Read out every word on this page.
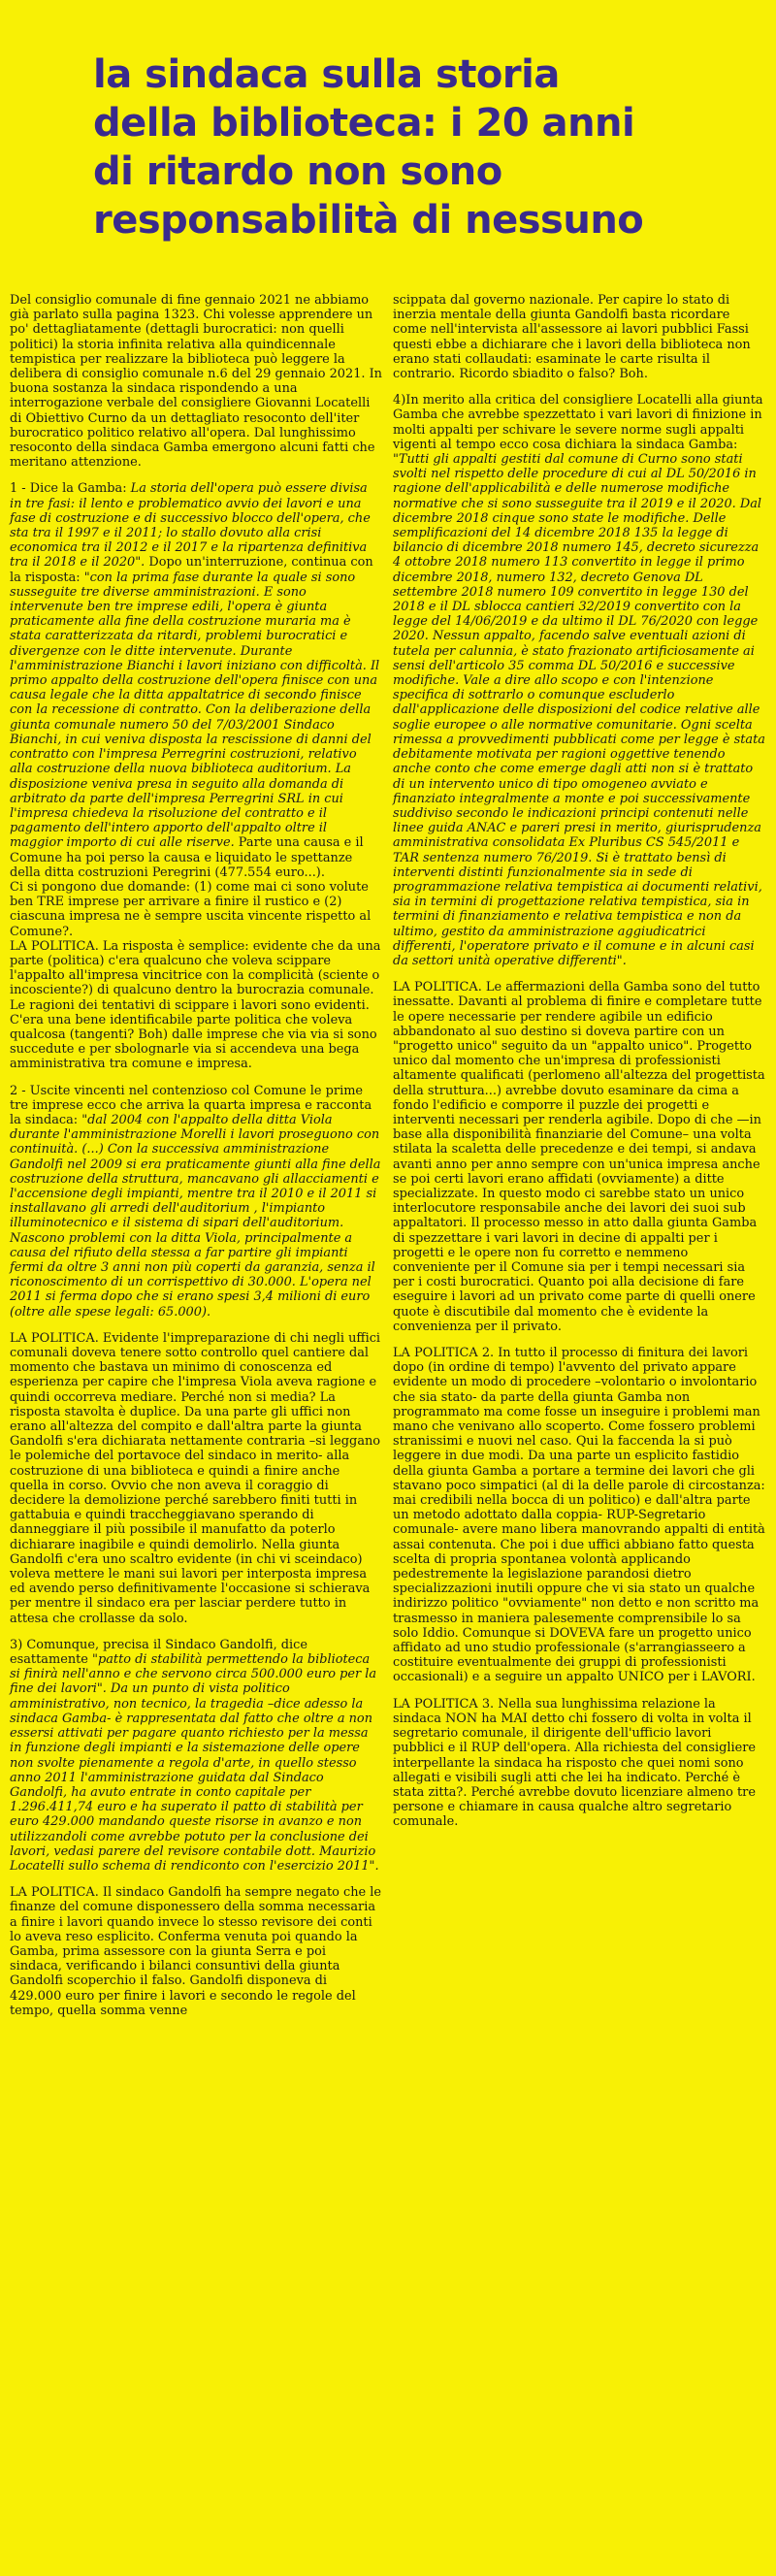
la sindaca sulla storia
della biblioteca: i 20 anni
di ritardo non sono
responsabilità di nessuno

Del consiglio comunale di fine gennaio 2021 ne abbiamo già parlato sulla pagina 1323. Chi volesse apprendere un po' dettagliatamente (dettagli burocratici: non quelli politici) la storia infinita relativa alla quindicennale tempistica per realizzare la biblioteca può leggere la delibera di consiglio comunale n.6 del 29 gennaio 2021. In buona sostanza la sindaca rispondendo a una interrogazione verbale del consigliere Giovanni Locatelli di Obiettivo Curno da un dettagliato resoconto dell'iter burocratico politico relativo all'opera. Dal lunghissimo resoconto della sindaca Gamba emergono alcuni fatti che meritano attenzione.

1 - Dice la Gamba: La storia dell'opera può essere divisa in tre fasi: il lento e problematico avvio dei lavori e una fase di costruzione e di successivo blocco dell'opera, che sta tra il 1997 e il 2011; lo stallo dovuto alla crisi economica tra il 2012 e il 2017 e la ripartenza definitiva tra il 2018 e il 2020". Dopo un'interruzione, continua con la risposta: "con la prima fase durante la quale si sono susseguite tre diverse amministrazioni. E sono intervenute ben tre imprese edili, l'opera è giunta praticamente alla fine della costruzione muraria ma è stata caratterizzata da ritardi, problemi burocratici e divergenze con le ditte intervenute. Durante l'amministrazione Bianchi i lavori iniziano con difficoltà. Il primo appalto della costruzione dell'opera finisce con una causa legale che la ditta appaltatrice di secondo finisce con la recessione di contratto. Con la deliberazione della giunta comunale numero 50 del 7/03/2001 Sindaco Bianchi, in cui veniva disposta la rescissione di danni del contratto con l'impresa Perregrini costruzioni, relativo alla costruzione della nuova biblioteca auditorium. La disposizione veniva presa in seguito alla domanda di arbitrato da parte dell'impresa Perregrini SRL in cui l'impresa chiedeva la risoluzione del contratto e il pagamento dell'intero apporto dell'appalto oltre il maggior importo di cui alle riserve. Parte una causa e il Comune ha poi perso la causa e liquidato le spettanze della ditta costruzioni Peregrini (477.554 euro...).

Ci si pongono due domande: (1) come mai ci sono volute ben TRE imprese per arrivare a finire il rustico e (2) ciascuna impresa ne è sempre uscita vincente rispetto al Comune?.

LA POLITICA. La risposta è semplice: evidente che da una parte (politica) c'era qualcuno che voleva scippare l'appalto all'impresa vincitrice con la complicità (sciente o incosciente?) di qualcuno dentro la burocrazia comunale. Le ragioni dei tentativi di scippare i lavori sono evidenti. C'era una bene identificabile parte politica che voleva qualcosa (tangenti? Boh) dalle imprese che via via si sono succedute e per sbolognarle via si accendeva una bega amministrativa tra comune e impresa.

2 - Uscite vincenti nel contenzioso col Comune le prime tre imprese ecco che arriva la quarta impresa e racconta la sindaca: "dal 2004 con l'appalto della ditta Viola durante l'amministrazione Morelli i lavori proseguono con continuità. (...) Con la successiva amministrazione Gandolfi nel 2009 si era praticamente giunti alla fine della costruzione della struttura, mancavano gli allacciamenti e l'accensione degli impianti, mentre tra il 2010 e il 2011 si installavano gli arredi dell'auditorium , l'impianto illuminotecnico e il sistema di sipari dell'auditorium. Nascono problemi con la ditta Viola, principalmente a causa del rifiuto della stessa a far partire gli impianti fermi da oltre 3 anni non più coperti da garanzia, senza il riconoscimento di un corrispettivo di 30.000. L'opera nel 2011 si ferma dopo che si erano spesi 3,4 milioni di euro (oltre alle spese legali: 65.000).

LA POLITICA. Evidente l'impreparazione di chi negli uffici comunali doveva tenere sotto controllo quel cantiere dal momento che bastava un minimo di conoscenza ed esperienza per capire che l'impresa Viola aveva ragione e quindi occorreva mediare. Perché non si media? La risposta stavolta è duplice. Da una parte gli uffici non erano all'altezza del compito e dall'altra parte la giunta Gandolfi s'era dichiarata nettamente contraria –si leggano le polemiche del portavoce del sindaco in merito- alla costruzione di una biblioteca e quindi a finire anche quella in corso. Ovvio che non aveva il coraggio di decidere la demolizione perché sarebbero finiti tutti in gattabuia e quindi traccheggiavano sperando di danneggiare il più possibile il manufatto da poterlo dichiarare inagibile e quindi demolirlo. Nella giunta Gandolfi c'era uno scaltro evidente (in chi vi sceindaco) voleva mettere le mani sui lavori per interposta impresa ed avendo perso definitivamente l'occasione si schierava per mentre il sindaco era per lasciar perdere tutto in attesa che crollasse da solo.

3) Comunque, precisa il Sindaco Gandolfi, dice esattamente "patto di stabilità permettendo la biblioteca si finirà nell'anno e che servono circa 500.000 euro per la fine dei lavori". Da un punto di vista politico amministrativo, non tecnico, la tragedia –dice adesso la sindaca Gamba- è rappresentata dal fatto che oltre a non essersi attivati per pagare quanto richiesto per la messa in funzione degli impianti e la sistemazione delle opere non svolte pienamente a regola d'arte, in quello stesso anno 2011 l'amministrazione guidata dal Sindaco Gandolfi, ha avuto entrate in conto capitale per 1.296.411,74 euro e ha superato il patto di stabilità per euro 429.000 mandando queste risorse in avanzo e non utilizzandoli come avrebbe potuto per la conclusione dei lavori, vedasi parere del revisore contabile dott. Maurizio Locatelli sullo schema di rendiconto con l'esercizio 2011".

LA POLITICA. Il sindaco Gandolfi ha sempre negato che le finanze del comune disponessero della somma necessaria a finire i lavori quando invece lo stesso revisore dei conti lo aveva reso esplicito. Conferma venuta poi quando la Gamba, prima assessore con la giunta Serra e poi sindaca, verificando i bilanci consuntivi della giunta Gandolfi scoperchio il falso. Gandolfi disponeva di 429.000 euro per finire i lavori e secondo le regole del tempo, quella somma venne

scippata dal governo nazionale. Per capire lo stato di inerzia mentale della giunta Gandolfi basta ricordare come nell'intervista all'assessore ai lavori pubblici Fassi questi ebbe a dichiarare che i lavori della biblioteca non erano stati collaudati: esaminate le carte risulta il contrario. Ricordo sbiadito o falso? Boh.

4)In merito alla critica del consigliere Locatelli alla giunta Gamba che avrebbe spezzettato i vari lavori di finizione in molti appalti per schivare le severe norme sugli appalti vigenti al tempo ecco cosa dichiara la sindaca Gamba: "Tutti gli appalti gestiti dal comune di Curno sono stati svolti nel rispetto delle procedure di cui al DL 50/2016 in ragione dell'applicabilità e delle numerose modifiche normative che si sono susseguite tra il 2019 e il 2020. Dal dicembre 2018 cinque sono state le modifiche. Delle semplificazioni del 14 dicembre 2018 135 la legge di bilancio di dicembre 2018 numero 145, decreto sicurezza 4 ottobre 2018 numero 113 convertito in legge il primo dicembre 2018, numero 132, decreto Genova DL settembre 2018 numero 109 convertito in legge 130 del 2018 e il DL sblocca cantieri 32/2019 convertito con la legge del 14/06/2019 e da ultimo il DL 76/2020 con legge 2020. Nessun appalto, facendo salve eventuali azioni di tutela per calunnia, è stato frazionato artificiosamente ai sensi dell'articolo 35 comma DL 50/2016 e successive modifiche. Vale a dire allo scopo e con l'intenzione specifica di sottrarlo o comunque escluderlo dall'applicazione delle disposizioni del codice relative alle soglie europee o alle normative comunitarie. Ogni scelta rimessa a provvedimenti pubblicati come per legge è stata debitamente motivata per ragioni oggettive tenendo anche conto che come emerge dagli atti non si è trattato di un intervento unico di tipo omogeneo avviato e finanziato integralmente a monte e poi successivamente suddiviso secondo le indicazioni principi contenuti nelle linee guida ANAC e pareri presi in merito, giurisprudenza amministrativa consolidata Ex Pluribus CS 545/2011 e TAR sentenza numero 76/2019. Si è trattato bensì di interventi distinti funzionalmente sia in sede di programmazione relativa tempistica ai documenti relativi, sia in termini di progettazione relativa tempistica, sia in termini di finanziamento e relativa tempistica e non da ultimo, gestito da amministrazione aggiudicatrici differenti, l'operatore privato e il comune e in alcuni casi da settori unità operative differenti".

LA POLITICA. Le affermazioni della Gamba sono del tutto inessatte. Davanti al problema di finire e completare tutte le opere necessarie per rendere agibile un edificio abbandonato al suo destino si doveva partire con un "progetto unico" seguito da un "appalto unico". Progetto unico dal momento che un'impresa di professionisti altamente qualificati (perlomeno all'altezza del progettista della struttura...) avrebbe dovuto esaminare da cima a fondo l'edificio e comporre il puzzle dei progetti e interventi necessari per renderla agibile. Dopo di che —in base alla disponibilità finanziarie del Comune– una volta stilata la scaletta delle precedenze e dei tempi, si andava avanti anno per anno sempre con un'unica impresa anche se poi certi lavori erano affidati (ovviamente) a ditte specializzate. In questo modo ci sarebbe stato un unico interlocutore responsabile anche dei lavori dei suoi sub appaltatori. Il processo messo in atto dalla giunta Gamba di spezzettare i vari lavori in decine di appalti per i progetti e le opere non fu corretto e nemmeno conveniente per il Comune sia per i tempi necessari sia per i costi burocratici. Quanto poi alla decisione di fare eseguire i lavori ad un privato come parte di quelli onere quote è discutibile dal momento che è evidente la convenienza per il privato.

LA POLITICA 2. In tutto il processo di finitura dei lavori dopo (in ordine di tempo) l'avvento del privato appare evidente un modo di procedere –volontario o involontario che sia stato- da parte della giunta Gamba non programmato ma come fosse un inseguire i problemi man mano che venivano allo scoperto. Come fossero problemi stranissimi e nuovi nel caso. Qui la faccenda la si può leggere in due modi. Da una parte un esplicito fastidio della giunta Gamba a portare a termine dei lavori che gli stavano poco simpatici (al di la delle parole di circostanza: mai credibili nella bocca di un politico) e dall'altra parte un metodo adottato dalla coppia- RUP-Segretario comunale- avere mano libera manovrando appalti di entità assai contenuta. Che poi i due uffici abbiano fatto questa scelta di propria spontanea volontà applicando pedestremente la legislazione parandosi dietro specializzazioni inutili oppure che vi sia stato un qualche indirizzo politico "ovviamente" non detto e non scritto ma trasmesso in maniera palesemente comprensibile lo sa solo Iddio. Comunque si DOVEVA fare un progetto unico affidato ad uno studio professionale (s'arrangiasseero a costituire eventualmente dei gruppi di professionisti occasionali) e a seguire un appalto UNICO per i LAVORI.

LA POLITICA 3. Nella sua lunghissima relazione la sindaca NON ha MAI detto chi fossero di volta in volta il segretario comunale, il dirigente dell'ufficio lavori pubblici e il RUP dell'opera. Alla richiesta del consigliere interpellante la sindaca ha risposto che quei nomi sono allegati e visibili sugli atti che lei ha indicato. Perché è stata zitta?. Perché avrebbe dovuto licenziare almeno tre persone e chiamare in causa qualche altro segretario comunale.
